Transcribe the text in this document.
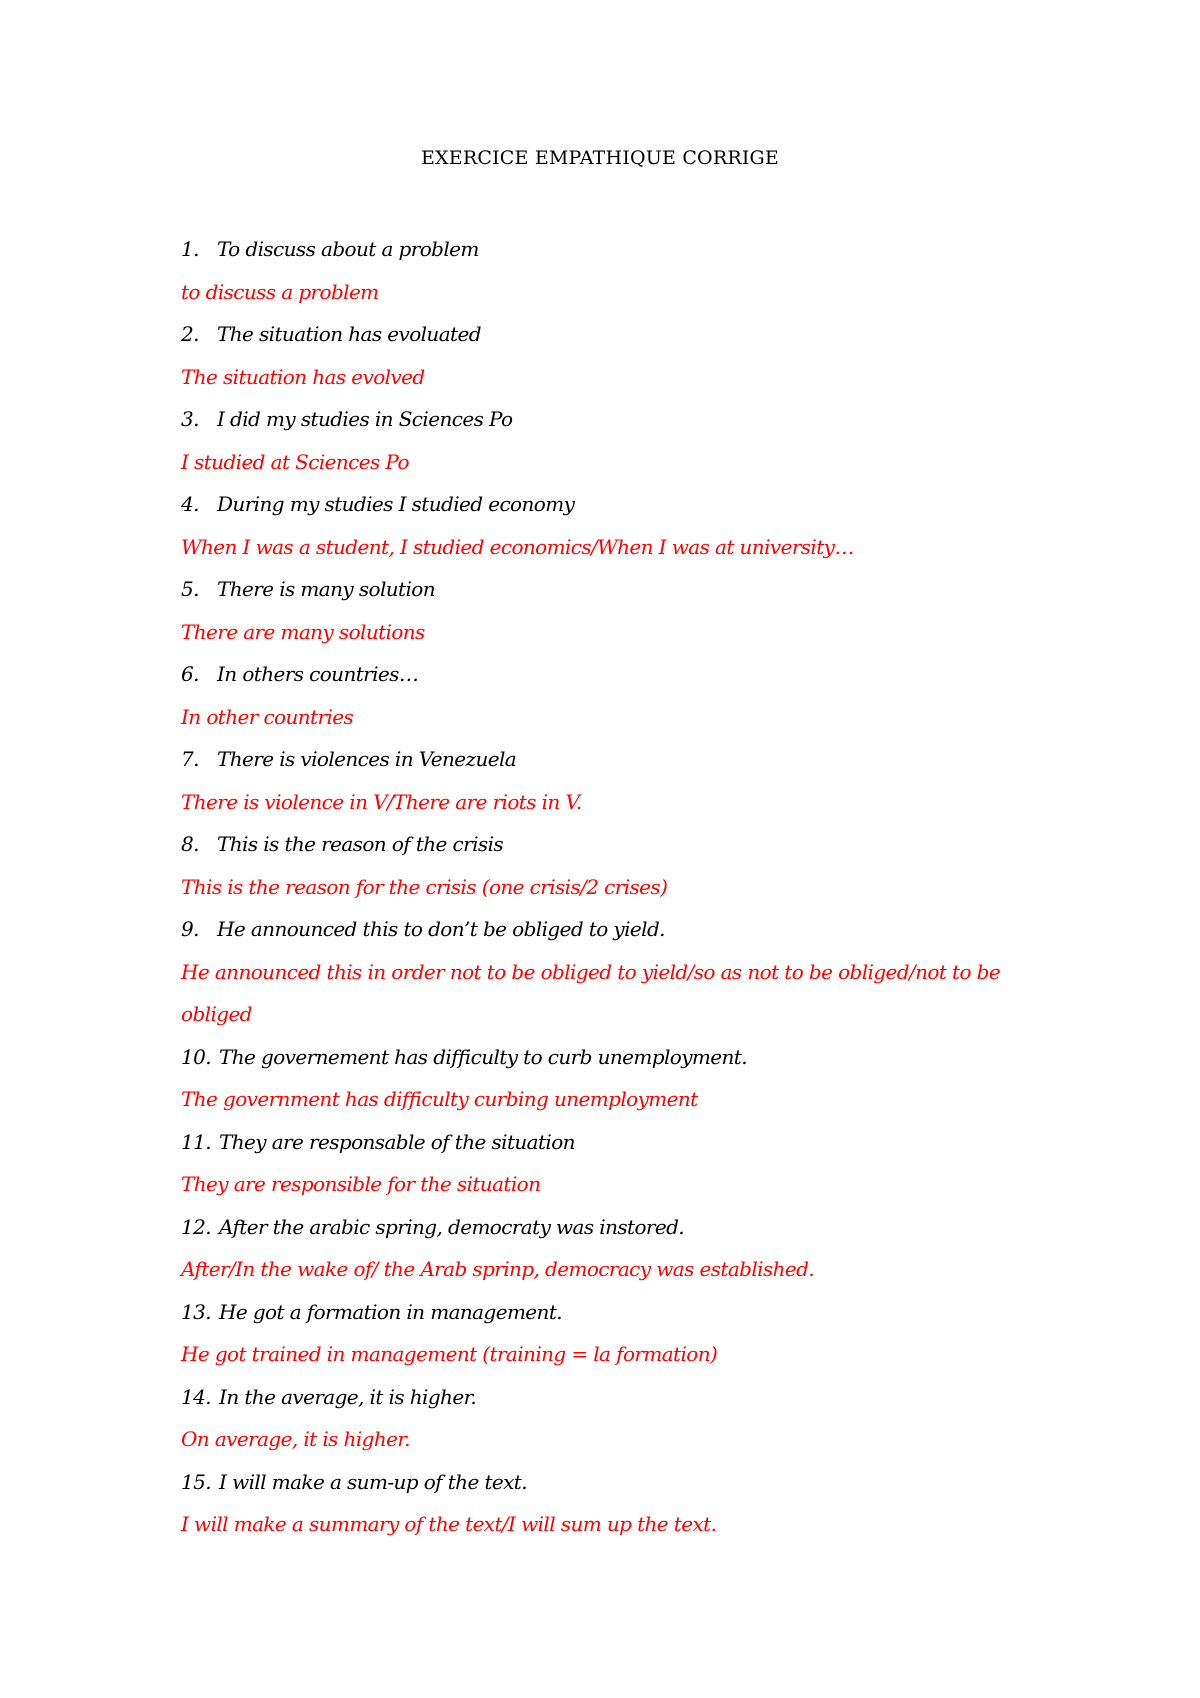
EXERCICE EMPATHIQUE CORRIGE
1. To discuss about a problem
to discuss a problem
2. The situation has evoluated
The situation has evolved
3. I did my studies in Sciences Po
I studied at Sciences Po
4. During my studies I studied economy
When I was a student, I studied economics/When I was at university…
5. There is many solution
There are many solutions
6. In others countries…
In other countries
7. There is violences in Venezuela
There is violence in V/There are riots in V.
8. This is the reason of the crisis
This is the reason for the crisis (one crisis/2 crises)
9. He announced this to don’t be obliged to yield.
He announced this in order not to be obliged to yield/so as not to be obliged/not to be
obliged
10. The governement has difficulty to curb unemployment.
The government has difficulty curbing unemployment
11. They are responsable of the situation
They are responsible for the situation
12. After the arabic spring, democraty was instored.
After/In the wake of/ the Arab sprinp, democracy was established.
13. He got a formation in management.
He got trained in management (training = la formation)
14. In the average, it is higher.
On average, it is higher.
15. I will make a sum-up of the text.
I will make a summary of the text/I will sum up the text.
